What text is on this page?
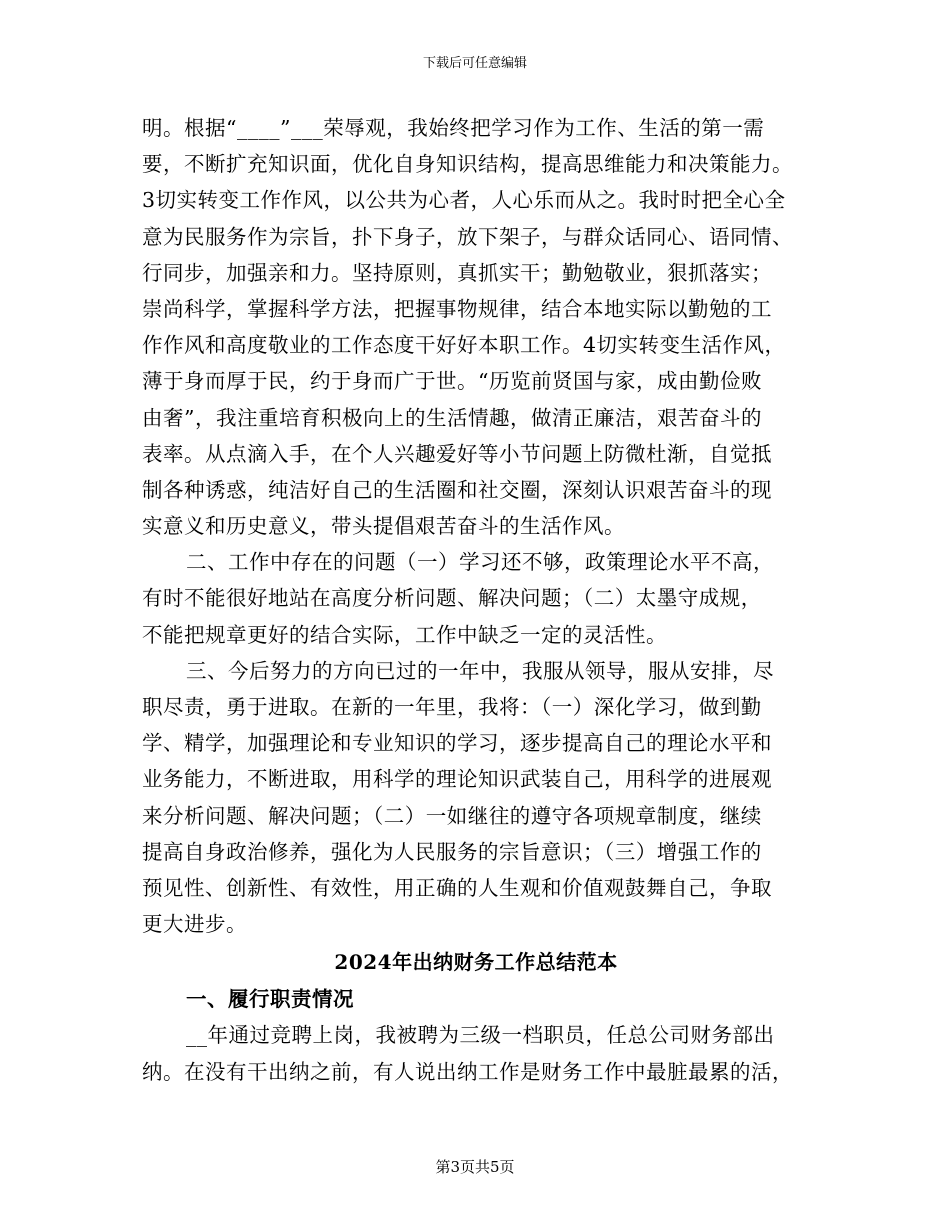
下载后可任意编辑
明。根据“____”___荣辱观，我始终把学习作为工作、生活的第一需
要，不断扩充知识面，优化自身知识结构，提高思维能力和决策能力。
3切实转变工作作风，以公共为心者，人心乐而从之。我时时把全心全
意为民服务作为宗旨，扑下身子，放下架子，与群众话同心、语同情、
行同步，加强亲和力。坚持原则，真抓实干；勤勉敬业，狠抓落实；
崇尚科学，掌握科学方法，把握事物规律，结合本地实际以勤勉的工
作作风和高度敬业的工作态度干好好本职工作。4切实转变生活作风，
薄于身而厚于民，约于身而广于世。“历览前贤国与家，成由勤俭败
由奢”，我注重培育积极向上的生活情趣，做清正廉洁，艰苦奋斗的
表率。从点滴入手，在个人兴趣爱好等小节问题上防微杜渐，自觉抵
制各种诱惑，纯洁好自己的生活圈和社交圈，深刻认识艰苦奋斗的现
实意义和历史意义，带头提倡艰苦奋斗的生活作风。
二、工作中存在的问题（一）学习还不够，政策理论水平不高，
有时不能很好地站在高度分析问题、解决问题；（二）太墨守成规，
不能把规章更好的结合实际，工作中缺乏一定的灵活性。
三、今后努力的方向已过的一年中，我服从领导，服从安排，尽
职尽责，勇于进取。在新的一年里，我将：（一）深化学习，做到勤
学、精学，加强理论和专业知识的学习，逐步提高自己的理论水平和
业务能力，不断进取，用科学的理论知识武装自己，用科学的进展观
来分析问题、解决问题；（二）一如继往的遵守各项规章制度，继续
提高自身政治修养，强化为人民服务的宗旨意识；（三）增强工作的
预见性、创新性、有效性，用正确的人生观和价值观鼓舞自己，争取
更大进步。
2024年出纳财务工作总结范本
一、履行职责情况
__年通过竞聘上岗，我被聘为三级一档职员，任总公司财务部出
纳。在没有干出纳之前，有人说出纳工作是财务工作中最脏最累的活，
第3页共5页
